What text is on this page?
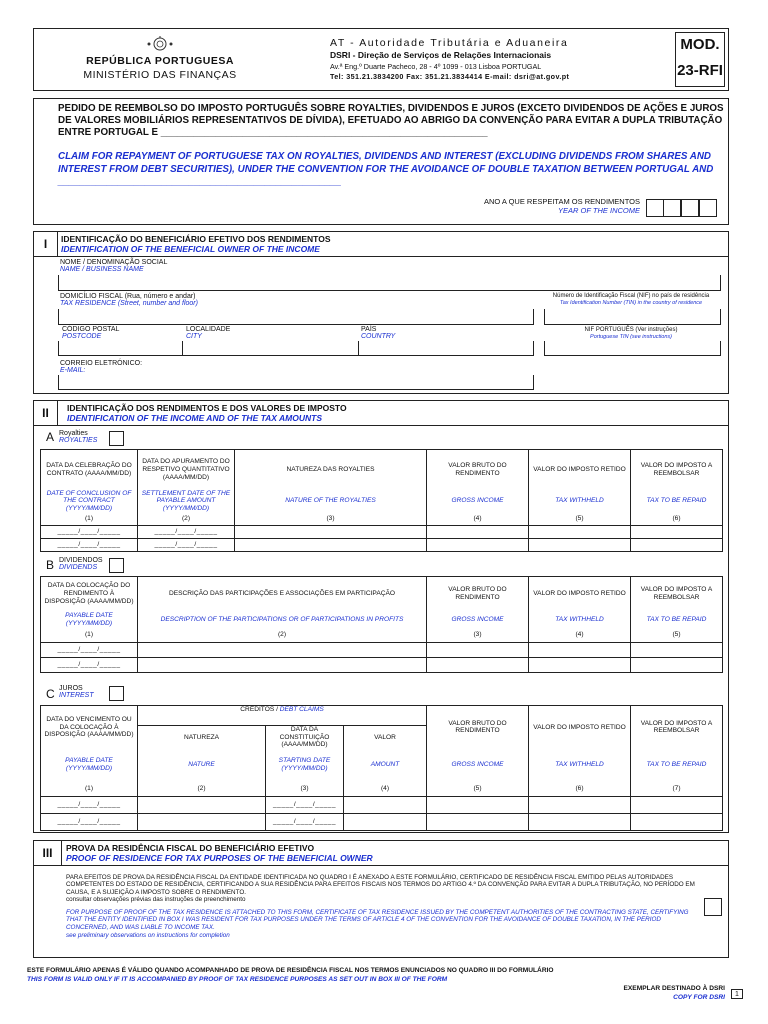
REPÚBLICA PORTUGUESA
MINISTÉRIO DAS FINANÇAS
AT - Autoridade Tributária e Aduaneira
DSRI - Direção de Serviços de Relações Internacionais
Av.ª Eng.º Duarte Pacheco, 28 - 4º 1099 - 013 Lisboa PORTUGAL
Tel: 351.21.3834200 Fax: 351.21.3834414 E-mail: dsri@at.gov.pt
MOD.
23-RFI
PEDIDO DE REEMBOLSO DO IMPOSTO PORTUGUÊS SOBRE ROYALTIES, DIVIDENDOS E JUROS (EXCETO DIVIDENDOS DE AÇÕES E JUROS DE VALORES MOBILIÁRIOS REPRESENTATIVOS DE DÍVIDA), EFETUADO AO ABRIGO DA CONVENÇÃO PARA EVITAR A DUPLA TRIBUTAÇÃO ENTRE PORTUGAL E ____________________________________________________________
CLAIM FOR REPAYMENT OF PORTUGUESE TAX ON ROYALTIES, DIVIDENDS AND INTEREST (EXCLUDING DIVIDENDS FROM SHARES AND INTEREST FROM DEBT SECURITIES), UNDER THE CONVENTION FOR THE AVOIDANCE OF DOUBLE TAXATION BETWEEN PORTUGAL AND ____________________________________________________
ANO A QUE RESPEITAM OS RENDIMENTOS
YEAR OF THE INCOME
I	IDENTIFICAÇÃO DO BENEFICIÁRIO EFETIVO DOS RENDIMENTOS
IDENTIFICATION OF THE BENEFICIAL OWNER OF THE INCOME
NOME / DENOMINAÇÃO SOCIAL
NAME / BUSINESS NAME
DOMICÍLIO FISCAL (Rua, número e andar)
TAX RESIDENCE (Street, number and floor)
Número de Identificação Fiscal (NIF) no país de residência
Tax Identification Number (TIN) in the country of residence
CÓDIGO POSTAL
POSTCODE
LOCALIDADE
CITY
PAÍS
COUNTRY
NIF PORTUGUÊS (Ver instruções)
Portuguese TIN (see instructions)
CORREIO ELETRÓNICO:
E-MAIL:
II	IDENTIFICAÇÃO DOS RENDIMENTOS E DOS VALORES DE IMPOSTO
IDENTIFICATION OF THE INCOME AND OF THE TAX AMOUNTS
A Royalties
ROYALTIES
DATA DA CELEBRAÇÃO DO CONTRATO (AAAA/MM/DD)	DATA DO APURAMENTO DO RESPETIVO QUANTITATIVO (AAAA/MM/DD)	NATUREZA DAS ROYALTIES	VALOR BRUTO DO RENDIMENTO	VALOR DO IMPOSTO RETIDO	VALOR DO IMPOSTO A REEMBOLSAR
DATE OF CONCLUSION OF THE CONTRACT (YYYY/MM/DD)	SETTLEMENT DATE OF THE PAYABLE AMOUNT (YYYY/MM/DD)	NATURE OF THE ROYALTIES	GROSS INCOME	TAX WITHHELD	TAX TO BE REPAID
(1)	(2)	(3)	(4)	(5)	(6)
_____/____/_____	_____/____/_____				
_____/____/_____	_____/____/_____				
B DIVIDENDOS
DIVIDENDS
DATA DA COLOCAÇÃO DO RENDIMENTO À DISPOSIÇÃO (AAAA/MM/DD)	DESCRIÇÃO DAS PARTICIPAÇÕES E ASSOCIAÇÕES EM PARTICIPAÇÃO	VALOR BRUTO DO RENDIMENTO	VALOR DO IMPOSTO RETIDO	VALOR DO IMPOSTO A REEMBOLSAR
PAYABLE DATE (YYYY/MM/DD)	DESCRIPTION OF THE PARTICIPATIONS OR OF PARTICIPATIONS IN PROFITS	GROSS INCOME	TAX WITHHELD	TAX TO BE REPAID
(1)	(2)	(3)	(4)	(5)
_____/____/_____				
_____/____/_____				
C JUROS
INTEREST
DATA DO VENCIMENTO OU DA COLOCAÇÃO À DISPOSIÇÃO (AAAA/MM/DD)	CRÉDITOS / DEBT CLAIMS			VALOR BRUTO DO RENDIMENTO	VALOR DO IMPOSTO RETIDO	VALOR DO IMPOSTO A REEMBOLSAR
	NATUREZA	DATA DA CONSTITUIÇÃO (AAAA/MM/DD)	VALOR			
PAYABLE DATE (YYYY/MM/DD)	NATURE	STARTING DATE (YYYY/MM/DD)	AMOUNT	GROSS INCOME	TAX WITHHELD	TAX TO BE REPAID
(1)	(2)	(3)	(4)	(5)	(6)	(7)
_____/____/_____		_____/____/_____				
_____/____/_____		_____/____/_____				
III	PROVA DA RESIDÊNCIA FISCAL DO BENEFICIÁRIO EFETIVO
PROOF OF RESIDENCE FOR TAX PURPOSES OF THE BENEFICIAL OWNER
PARA EFEITOS DE PROVA DA RESIDÊNCIA FISCAL DA ENTIDADE IDENTIFICADA NO QUADRO I É ANEXADO A ESTE FORMULÁRIO, CERTIFICADO DE RESIDÊNCIA FISCAL EMITIDO PELAS AUTORIDADES COMPETENTES DO ESTADO DE RESIDÊNCIA, CERTIFICANDO A SUA RESIDÊNCIA PARA EFEITOS FISCAIS NOS TERMOS DO ARTIGO 4.º DA CONVENÇÃO PARA EVITAR A DUPLA TRIBUTAÇÃO, NO PERÍODO EM CAUSA, E A SUJEIÇÃO A IMPOSTO SOBRE O RENDIMENTO.
consultar observações prévias das instruções de preenchimento
FOR PURPOSE OF PROOF OF THE TAX RESIDENCE IS ATTACHED TO THIS FORM, CERTIFICATE OF TAX RESIDENCE ISSUED BY THE COMPETENT AUTHORITIES OF THE CONTRACTING STATE, CERTIFYING THAT THE ENTITY IDENTIFIED IN BOX I WAS RESIDENT FOR TAX PURPOSES UNDER THE TERMS OF ARTICLE 4 OF THE CONVENTION FOR THE AVOIDANCE OF DOUBLE TAXATION, IN THE PERIOD CONCERNED, AND WAS LIABLE TO INCOME TAX.
see preliminary observations on instructions for completion
ESTE FORMULÁRIO APENAS É VÁLIDO QUANDO ACOMPANHADO DE PROVA DE RESIDÊNCIA FISCAL NOS TERMOS ENUNCIADOS NO QUADRO III DO FORMULÁRIO
THIS FORM IS VALID ONLY IF IT IS ACCOMPANIED BY PROOF OF TAX RESIDENCE PURPOSES AS SET OUT IN BOX III OF THE FORM
EXEMPLAR DESTINADO À DSRI
COPY FOR DSRI	1
